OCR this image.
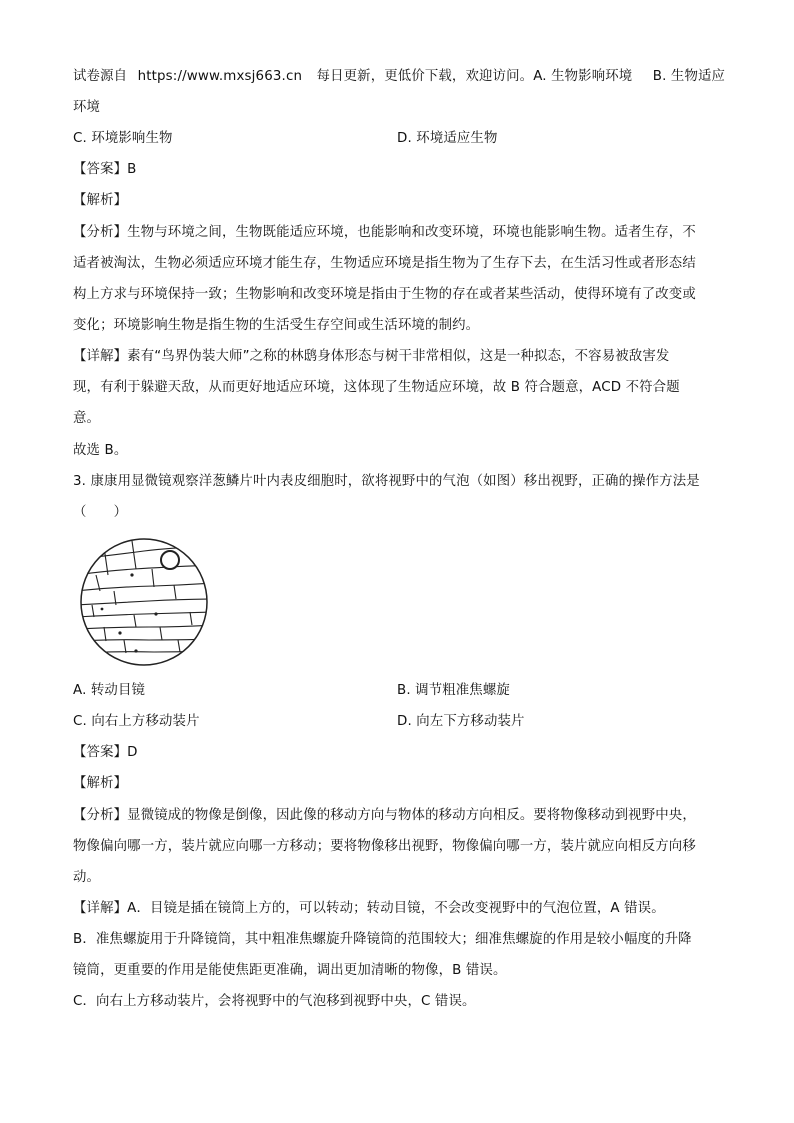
试卷源自 https://www.mxsj663.cn 每日更新，更低价下载，欢迎访问。A. 生物影响环境 B. 生物适应
环境
C. 环境影响生物	D. 环境适应生物
【答案】B
【解析】
【分析】生物与环境之间，生物既能适应环境，也能影响和改变环境，环境也能影响生物。适者生存，不
适者被淘汰，生物必须适应环境才能生存，生物适应环境是指生物为了生存下去，在生活习性或者形态结
构上方求与环境保持一致；生物影响和改变环境是指由于生物的存在或者某些活动，使得环境有了改变或
变化；环境影响生物是指生物的生活受生存空间或生活环境的制约。
【详解】素有“鸟界伪装大师”之称的林鸱身体形态与树干非常相似，这是一种拟态，不容易被敌害发
现，有利于躲避天敌，从而更好地适应环境，这体现了生物适应环境，故 B 符合题意，ACD 不符合题
意。
故选 B。
3. 康康用显微镜观察洋葱鳞片叶内表皮细胞时，欲将视野中的气泡（如图）移出视野，正确的操作方法是
（　　）
A. 转动目镜	B. 调节粗准焦螺旋
C. 向右上方移动装片	D. 向左下方移动装片
【答案】D
【解析】
【分析】显微镜成的物像是倒像，因此像的移动方向与物体的移动方向相反。要将物像移动到视野中央，
物像偏向哪一方，装片就应向哪一方移动；要将物像移出视野，物像偏向哪一方，装片就应向相反方向移
动。
【详解】A．目镜是插在镜筒上方的，可以转动；转动目镜，不会改变视野中的气泡位置，A 错误。
B．准焦螺旋用于升降镜筒，其中粗准焦螺旋升降镜筒的范围较大；细准焦螺旋的作用是较小幅度的升降
镜筒，更重要的作用是能使焦距更准确，调出更加清晰的物像，B 错误。
C．向右上方移动装片，会将视野中的气泡移到视野中央，C 错误。
